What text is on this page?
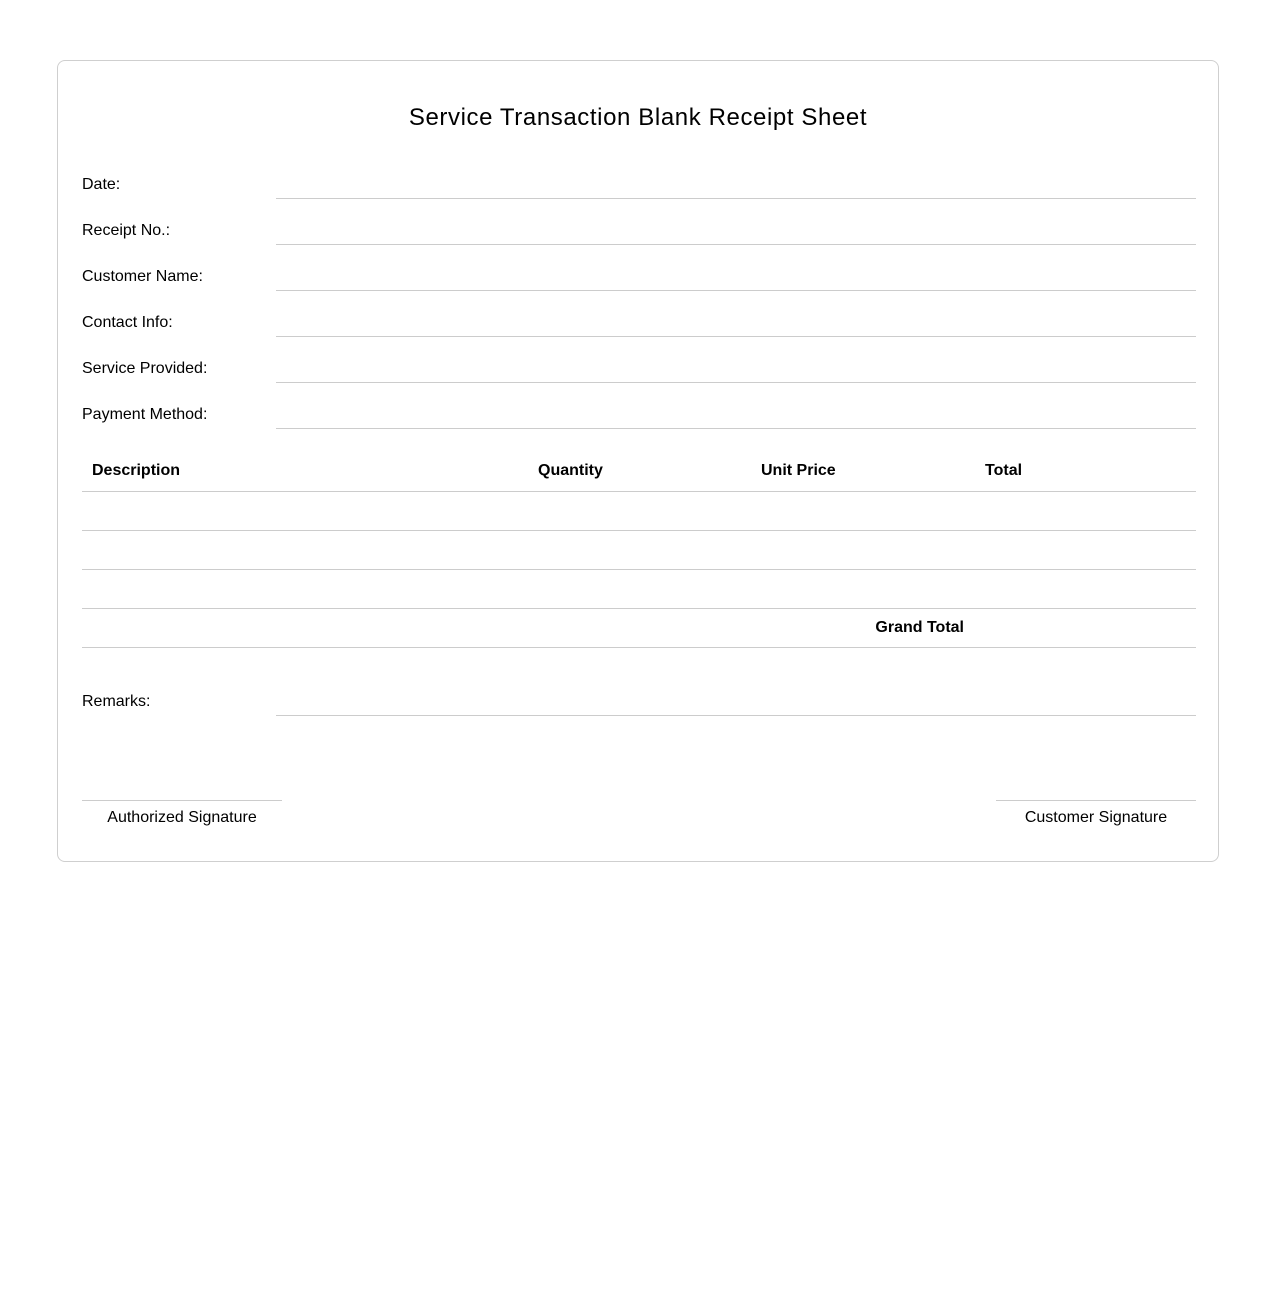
Service Transaction Blank Receipt Sheet
Date:
Receipt No.:
Customer Name:
Contact Info:
Service Provided:
Payment Method:
Description	Quantity	Unit Price	Total
Grand Total
Remarks:
Authorized Signature	Customer Signature
